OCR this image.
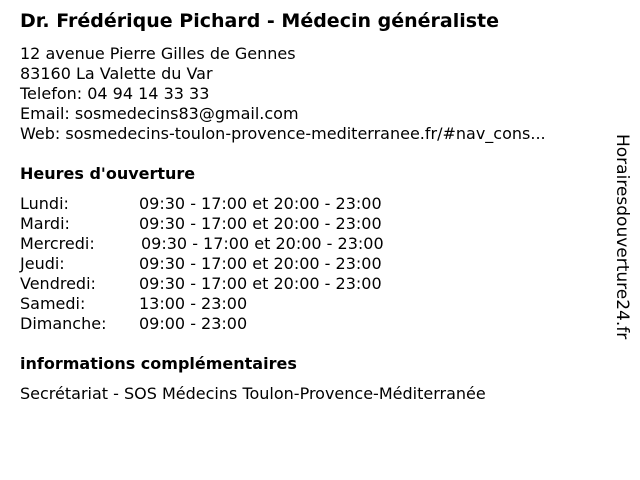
Dr. Frédérique Pichard - Médecin généraliste
12 avenue Pierre Gilles de Gennes
83160 La Valette du Var
Telefon: 04 94 14 33 33
Email: sosmedecins83@gmail.com
Web: sosmedecins-toulon-provence-mediterranee.fr/#nav_cons...
Heures d'ouverture
Lundi:	09:30 - 17:00 et 20:00 - 23:00
Mardi:	09:30 - 17:00 et 20:00 - 23:00
Mercredi:	09:30 - 17:00 et 20:00 - 23:00
Jeudi:	09:30 - 17:00 et 20:00 - 23:00
Vendredi:	09:30 - 17:00 et 20:00 - 23:00
Samedi:	13:00 - 23:00
Dimanche: 09:00 - 23:00
informations complémentaires
Secrétariat - SOS Médecins Toulon-Provence-Méditerranée
Horairesdouverture24.fr
